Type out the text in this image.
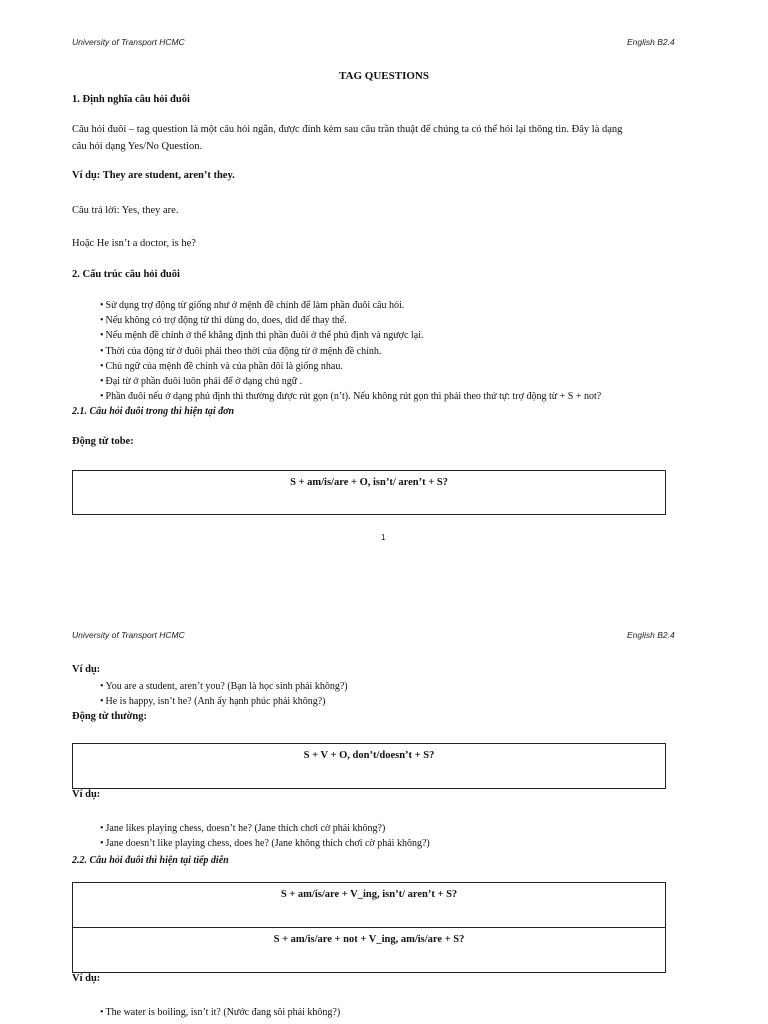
University of Transport HCMC	English B2.4
TAG QUESTIONS
1. Định nghĩa câu hỏi đuôi
Câu hỏi đuôi – tag question là một câu hỏi ngắn, được đính kèm sau câu trần thuật để chúng ta có thể hỏi lại thông tin. Đây là dạng
câu hỏi dạng Yes/No Question.
Ví dụ: They are student, aren’t they.
Câu trả lời: Yes, they are.
Hoặc He isn’t a doctor, is he?
2. Cấu trúc câu hỏi đuôi
• Sử dụng trợ động từ giống như ở mệnh đề chính để làm phần đuôi câu hỏi.
• Nếu không có trợ động từ thì dùng do, does, did để thay thế.
• Nếu mệnh đề chính ở thể khẳng định thì phần đuôi ở thể phủ định và ngược lại.
• Thời của động từ ở đuôi phải theo thời của động từ ở mệnh đề chính.
• Chủ ngữ của mệnh đề chính và của phần đôi là giống nhau.
• Đại từ ở phần đuôi luôn phải để ở dạng chủ ngữ .
• Phần đuôi nếu ở dạng phủ định thì thường được rút gọn (n’t). Nếu không rút gọn thì phải theo thứ tự: trợ động từ + S + not?
2.1. Câu hỏi đuôi trong thì hiện tại đơn
Động từ tobe:
S + am/is/are + O, isn’t/ aren’t + S?
1
University of Transport HCMC	English B2.4
Ví dụ:
• You are a student, aren’t you? (Bạn là học sinh phải không?)
• He is happy, isn’t he? (Anh ấy hạnh phúc phải không?)
Động từ thường:
S + V + O, don’t/doesn’t + S?
Ví dụ:
• Jane likes playing chess, doesn’t he? (Jane thích chơi cờ phải không?)
• Jane doesn’t like playing chess, does he? (Jane không thích chơi cờ phải không?)
2.2. Câu hỏi đuôi thì hiện tại tiếp diễn
S + am/is/are + V_ing, isn’t/ aren’t + S?
S + am/is/are + not + V_ing, am/is/are + S?
Ví dụ:
• The water is boiling, isn’t it? (Nước đang sôi phải không?)
